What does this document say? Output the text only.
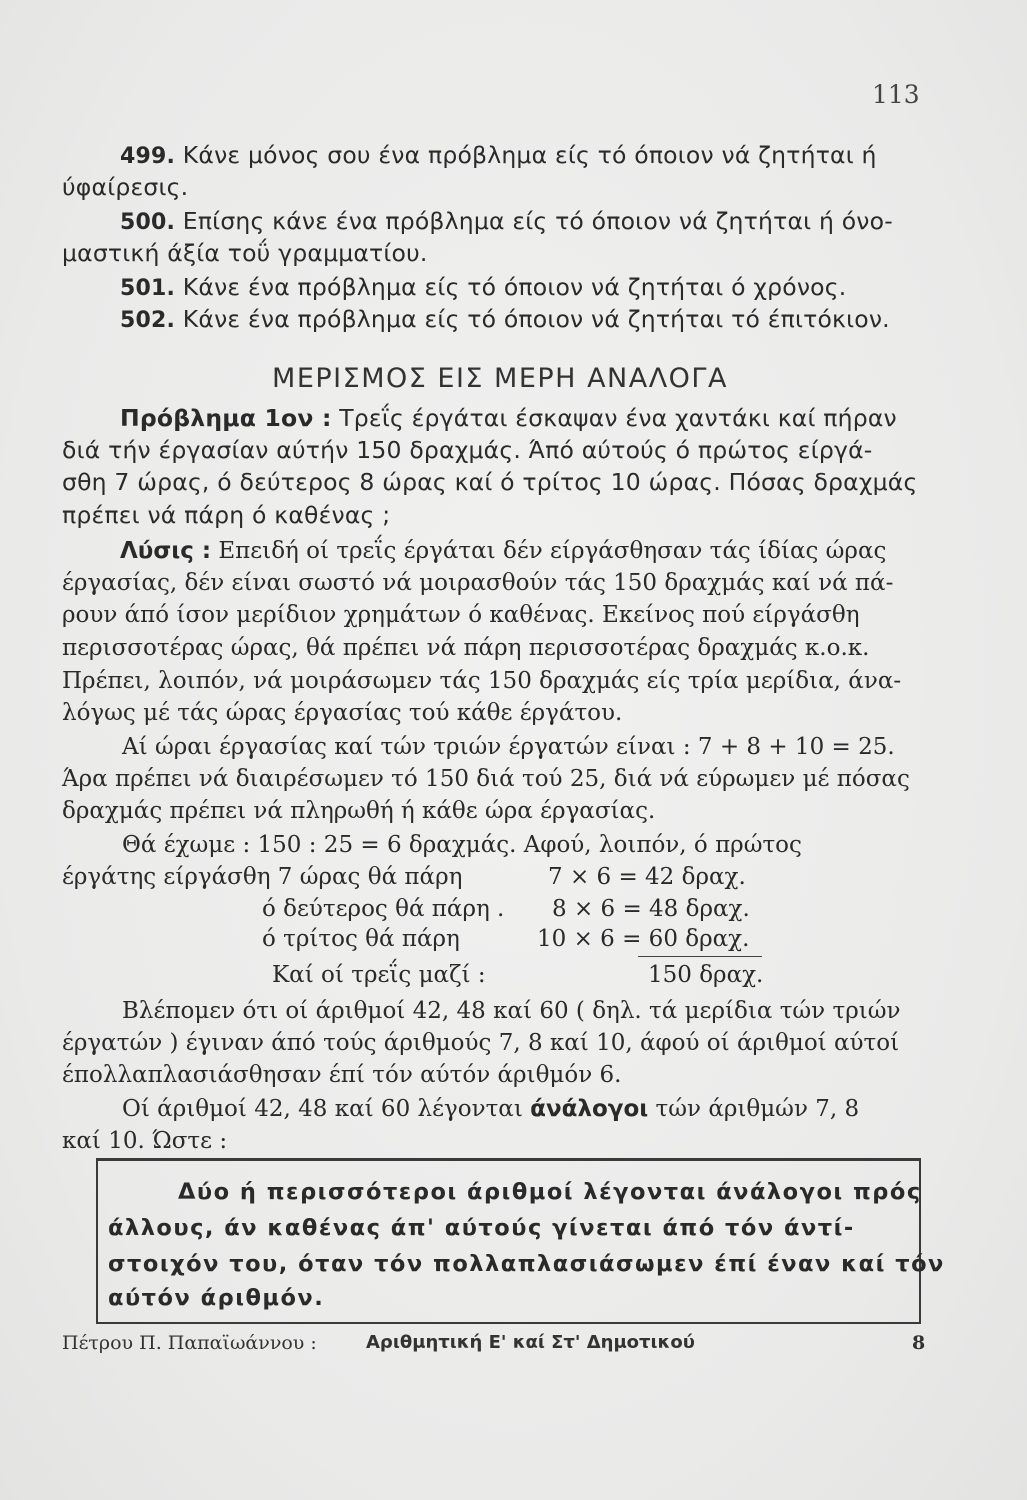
113
499. Κάνε μόνος σου ένα πρόβλημα είς τό όποιον νά ζητήται ή
ύφαίρεσις.
500. Επίσης κάνε ένα πρόβλημα είς τό όποιον νά ζητήται ή όνο-
μαστική άξία τοΰ γραμματίου.
501. Κάνε ένα πρόβλημα είς τό όποιον νά ζητήται ό χρόνος.
502. Κάνε ένα πρόβλημα είς τό όποιον νά ζητήται τό έπιτόκιον.
ΜΕΡΙΣΜΟΣ ΕΙΣ ΜΕΡΗ ΑΝΑΛΟΓΑ
Πρόβλημα 1ον : Τρεΐς έργάται έσκαψαν ένα χαντάκι καί πήραν
διά τήν έργασίαν αύτήν 150 δραχμάς. Άπό αύτούς ό πρώτος είργά-
σθη 7 ώρας, ό δεύτερος 8 ώρας καί ό τρίτος 10 ώρας. Πόσας δραχμάς
πρέπει νά πάρη ό καθένας ;
Λύσις : Επειδή οί τρεΐς έργάται δέν είργάσθησαν τάς ίδίας ώρας
έργασίας, δέν είναι σωστό νά μοιρασθούν τάς 150 δραχμάς καί νά πά-
ρουν άπό ίσον μερίδιον χρημάτων ό καθένας. Εκείνος πού είργάσθη
περισσοτέρας ώρας, θά πρέπει νά πάρη περισσοτέρας δραχμάς κ.ο.κ.
Πρέπει, λοιπόν, νά μοιράσωμεν τάς 150 δραχμάς είς τρία μερίδια, άνα-
λόγως μέ τάς ώρας έργασίας τού κάθε έργάτου.
Αί ώραι έργασίας καί τών τριών έργατών είναι : 7 + 8 + 10 = 25.
Άρα πρέπει νά διαιρέσωμεν τό 150 διά τού 25, διά νά εύρωμεν μέ πόσας
δραχμάς πρέπει νά πληρωθή ή κάθε ώρα έργασίας.
Θά έχωμε : 150 : 25 = 6 δραχμάς. Αφού, λοιπόν, ό πρώτος
έργάτης είργάσθη 7 ώρας θά πάρη	7 × 6 = 42 δραχ.
ό δεύτερος θά πάρη . 8 × 6 = 48 δραχ.
ό τρίτος θά πάρη	10 × 6 = 60 δραχ.
Καί οί τρεΐς μαζί :	150 δραχ.
Βλέπομεν ότι οί άριθμοί 42, 48 καί 60 ( δηλ. τά μερίδια τών τριών
έργατών ) έγιναν άπό τούς άριθμούς 7, 8 καί 10, άφού οί άριθμοί αύτοί
έπολλαπλασιάσθησαν έπί τόν αύτόν άριθμόν 6.
Οί άριθμοί 42, 48 καί 60 λέγονται άνάλογοι τών άριθμών 7, 8
καί 10. Ώστε :
Δύο ή περισσότεροι άριθμοί λέγονται άνάλογοι πρός
άλλους, άν καθένας άπ' αύτούς γίνεται άπό τόν άντί-
στοιχόν του, όταν τόν πολλαπλασιάσωμεν έπί έναν καί τόν
αύτόν άριθμόν.
Πέτρου Π. Παπαϊωάννου :	Αριθμητική Ε' καί Στ' Δημοτικού	8
